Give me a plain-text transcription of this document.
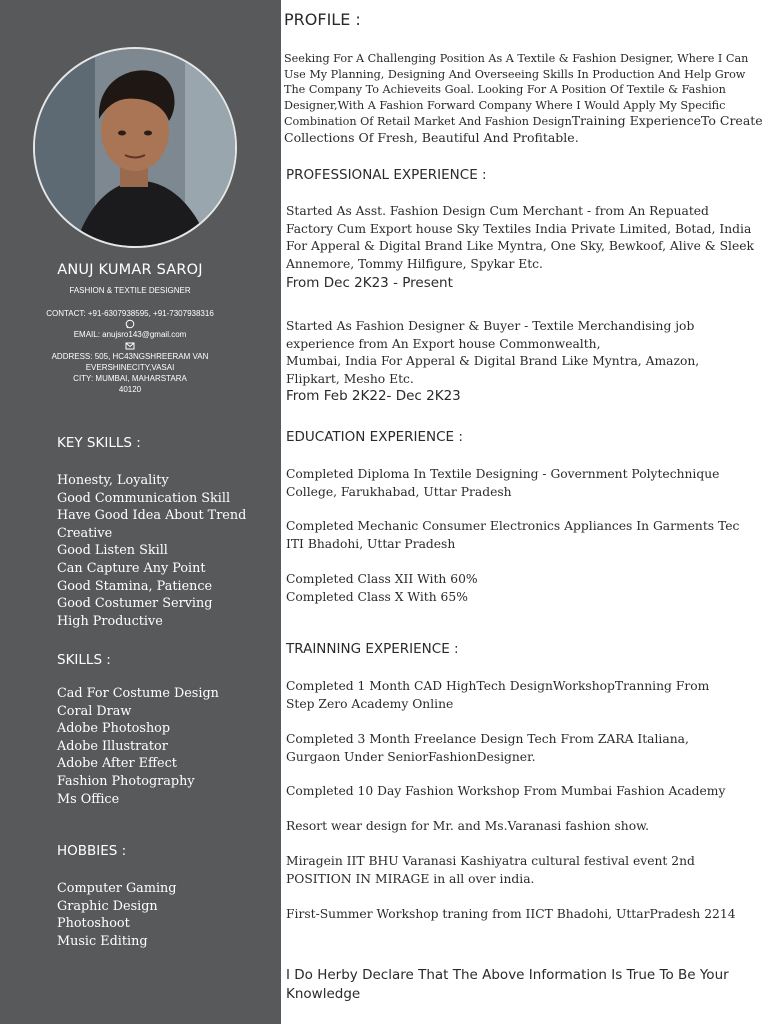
ANUJ KUMAR SAROJ
FASHION & TEXTILE DESIGNER
CONTACT: +91-6307938595, +91-7307938316
EMAIL: anujsro143@gmail.com
ADDRESS: 505, HC43NGSHREERAM VAN
EVERSHINECITY,VASAI
CITY: MUMBAI, MAHARSTARA
40120
KEY SKILLS :
Honesty, Loyality
Good Communication Skill
Have Good Idea About Trend
Creative
Good Listen Skill
Can Capture Any Point
Good Stamina, Patience
Good Costumer Serving
High Productive
SKILLS :
Cad For Costume Design
Coral Draw
Adobe Photoshop
Adobe Illustrator
Adobe After Effect
Fashion Photography
Ms Office
HOBBIES :
Computer Gaming
Graphic Design
Photoshoot
Music Editing
PROFILE :
Seeking For A Challenging Position As A Textile & Fashion Designer, Where I Can
Use My Planning, Designing And Overseeing Skills In Production And Help Grow
The Company To Achieveits Goal. Looking For A Position Of Textile & Fashion
Designer,With A Fashion Forward Company Where I Would Apply My Specific
Combination Of Retail Market And Fashion DesignTraining ExperienceTo Create
Collections Of Fresh, Beautiful And Profitable.
PROFESSIONAL EXPERIENCE :
Started As Asst. Fashion Design Cum Merchant - from An Repuated
Factory Cum Export house Sky Textiles India Private Limited, Botad, India
For Apperal & Digital Brand Like Myntra, One Sky, Bewkoof, Alive & Sleek
Annemore, Tommy Hilfigure, Spykar Etc.
From Dec 2K23 - Present
Started As Fashion Designer & Buyer - Textile Merchandising job
experience from An Export house Commonwealth,
Mumbai, India For Apperal & Digital Brand Like Myntra, Amazon,
Flipkart, Mesho Etc.
From Feb 2K22- Dec 2K23
EDUCATION EXPERIENCE :
Completed Diploma In Textile Designing - Government Polytechnique
College, Farukhabad, Uttar Pradesh
Completed Mechanic Consumer Electronics Appliances In Garments Tec
ITI Bhadohi, Uttar Pradesh
Completed Class XII With 60%
Completed Class X With 65%
TRAINNING EXPERIENCE :
Completed 1 Month CAD HighTech DesignWorkshopTranning From
Step Zero Academy Online
Completed 3 Month Freelance Design Tech From ZARA Italiana,
Gurgaon Under SeniorFashionDesigner.
Completed 10 Day Fashion Workshop From Mumbai Fashion Academy
Resort wear design for Mr. and Ms.Varanasi fashion show.
Miragein IIT BHU Varanasi Kashiyatra cultural festival event 2nd
POSITION IN MIRAGE in all over india.
First-Summer Workshop traning from IICT Bhadohi, UttarPradesh 2214
I Do Herby Declare That The Above Information Is True To Be Your Knowledge
